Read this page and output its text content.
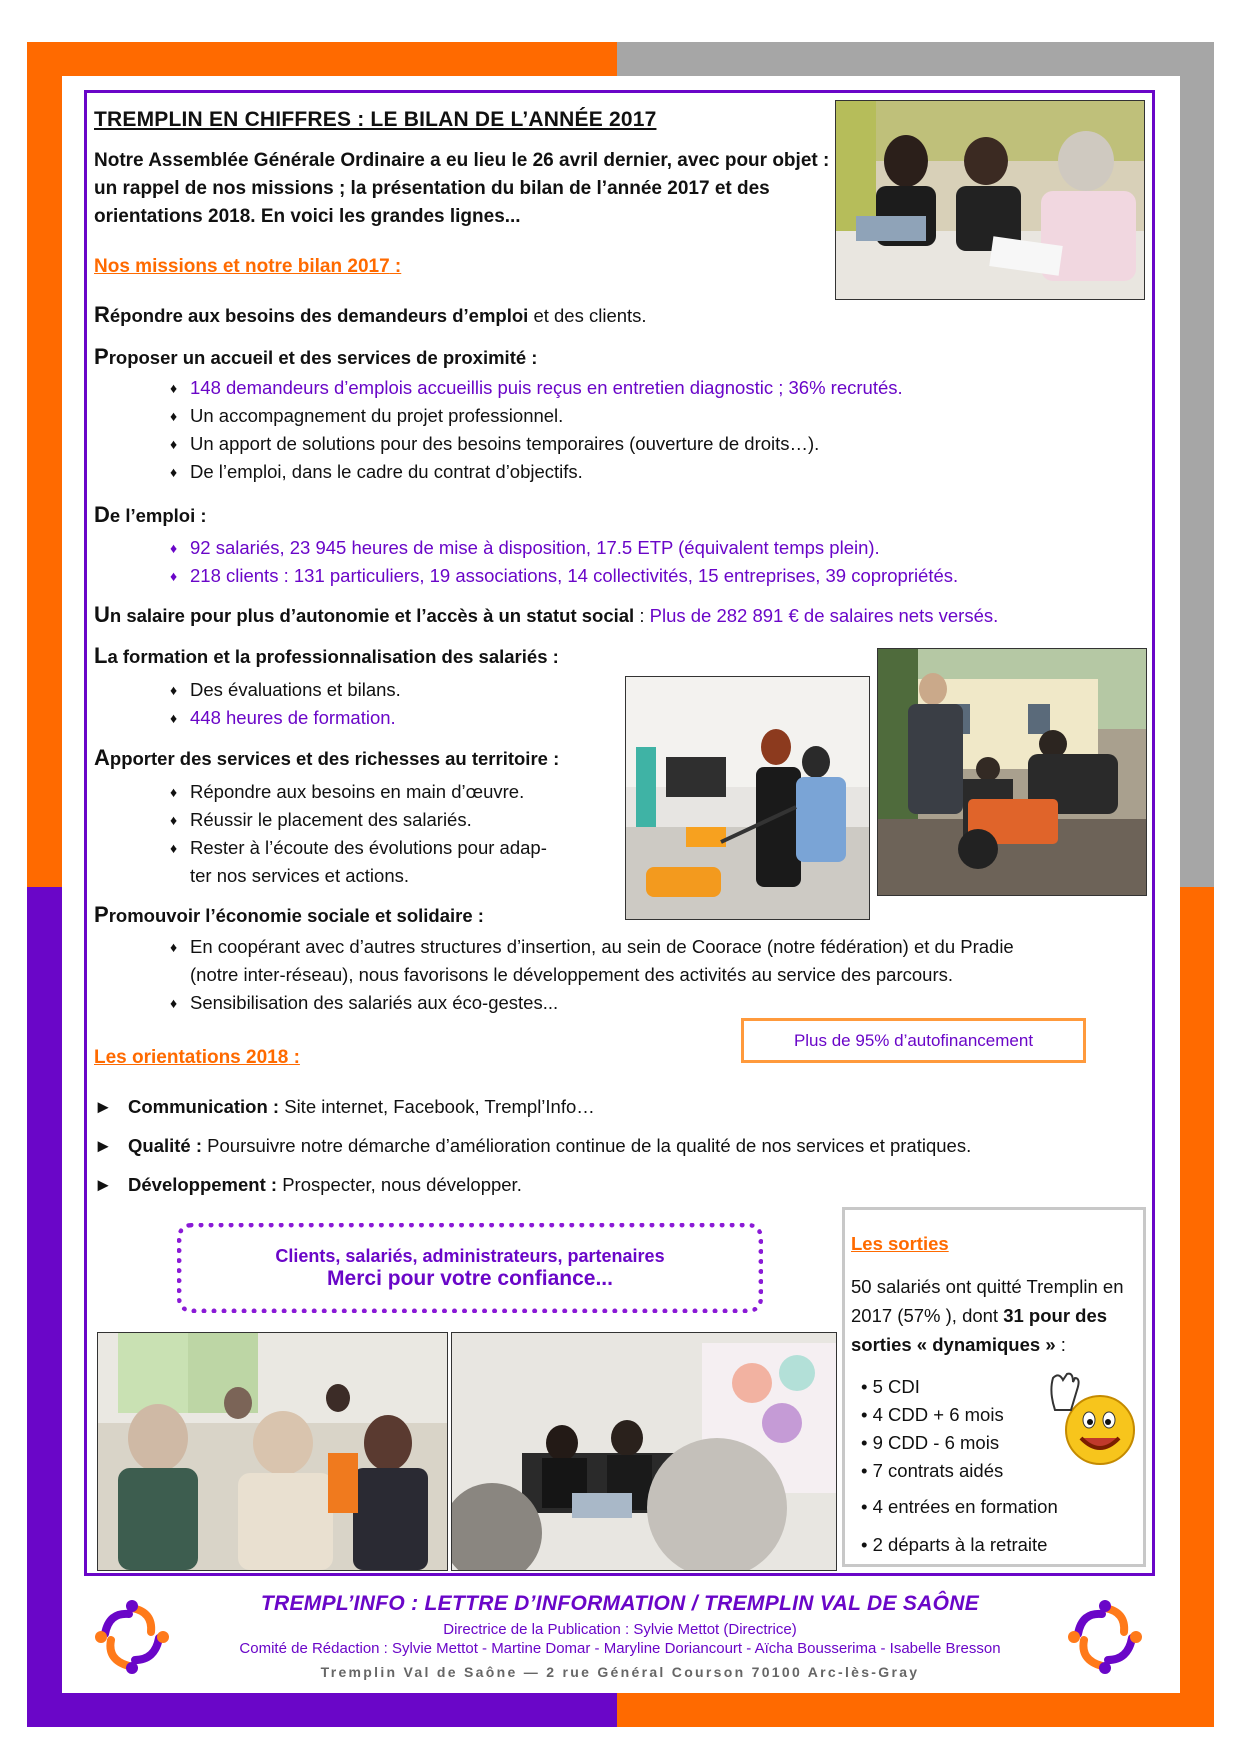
TREMPLIN EN CHIFFRES : LE BILAN DE L’ANNÉE 2017
Notre Assemblée Générale Ordinaire a eu lieu le 26 avril dernier, avec pour objet : un rappel de nos missions ; la présentation du bilan de l’année 2017 et des orientations 2018. En voici les grandes lignes...
Nos missions et notre bilan 2017 :
Répondre aux besoins des demandeurs d’emploi et des clients.
Proposer un accueil et des services de proximité :
♦ 148 demandeurs d’emplois accueillis puis reçus en entretien diagnostic ; 36% recrutés.
♦ Un accompagnement du projet professionnel.
♦ Un apport de solutions pour des besoins temporaires (ouverture de droits…).
♦ De l’emploi, dans le cadre du contrat d’objectifs.
De l’emploi :
♦ 92 salariés, 23 945 heures de mise à disposition, 17.5 ETP (équivalent temps plein).
♦ 218 clients : 131 particuliers, 19 associations, 14 collectivités, 15 entreprises, 39 copropriétés.
Un salaire pour plus d’autonomie et l’accès à un statut social : Plus de 282 891 € de salaires nets versés.
La formation et la professionnalisation des salariés :
♦ Des évaluations et bilans.
♦ 448 heures de formation.
Apporter des services et des richesses au territoire :
♦ Répondre aux besoins en main d’œuvre.
♦ Réussir le placement des salariés.
♦ Rester à l’écoute des évolutions pour adap-
ter nos services et actions.
Promouvoir l’économie sociale et solidaire :
♦ En coopérant avec d’autres structures d’insertion, au sein de Coorace (notre fédération) et du Pradie
(notre inter-réseau), nous favorisons le développement des activités au service des parcours.
♦ Sensibilisation des salariés aux éco-gestes...
Plus de 95% d’autofinancement
Les orientations 2018 :
► Communication : Site internet, Facebook, Trempl’Info…
► Qualité : Poursuivre notre démarche d’amélioration continue de la qualité de nos services et pratiques.
► Développement : Prospecter, nous développer.
Clients, salariés, administrateurs, partenaires
Merci pour votre confiance...
Les sorties
50 salariés ont quitté Tremplin en 2017 (57% ), dont 31 pour des sorties « dynamiques » :
• 5 CDI
• 4 CDD + 6 mois
• 9 CDD - 6 mois
• 7 contrats aidés
• 4 entrées en formation
• 2 départs à la retraite
TREMPL’INFO : LETTRE D’INFORMATION / TREMPLIN VAL DE SAÔNE
Directrice de la Publication : Sylvie Mettot (Directrice)
Comité de Rédaction : Sylvie Mettot - Martine Domar - Maryline Doriancourt - Aïcha Bousserima - Isabelle Bresson
Tremplin Val de Saône — 2 rue Général Courson 70100 Arc-lès-Gray
